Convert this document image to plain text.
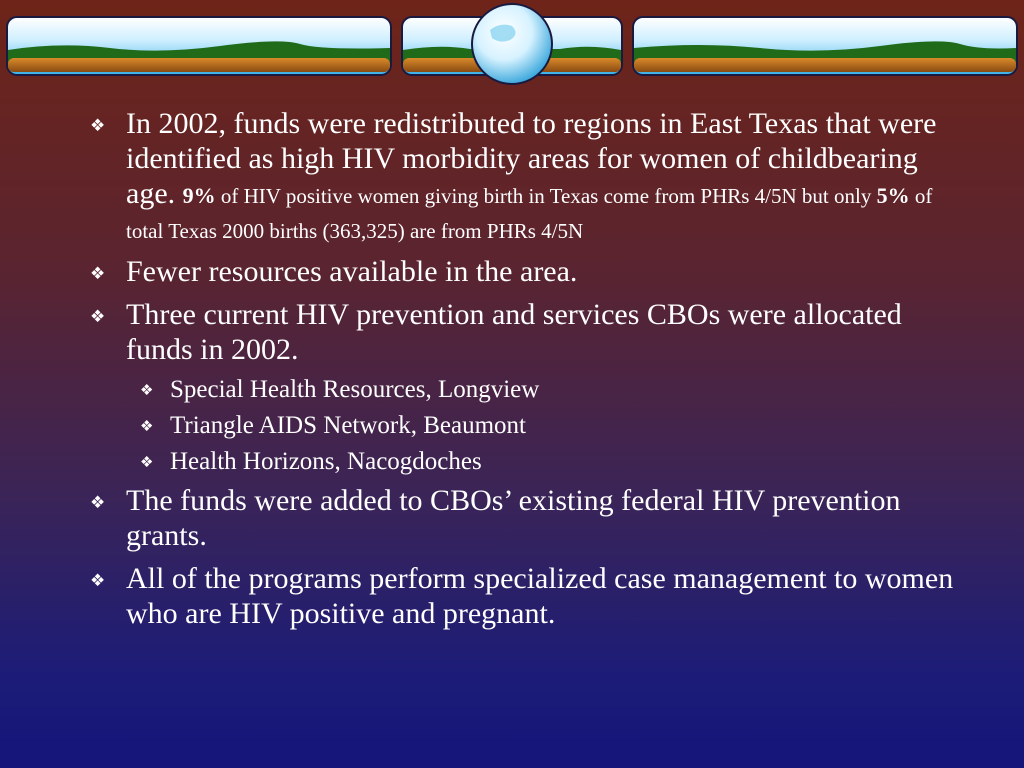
❖ In 2002, funds were redistributed to regions in East Texas that were identified as high HIV morbidity areas for women of childbearing age. 9% of HIV positive women giving birth in Texas come from PHRs 4/5N but only 5% of total Texas 2000 births (363,325) are from PHRs 4/5N
❖ Fewer resources available in the area.
❖ Three current HIV prevention and services CBOs were allocated funds in 2002.
❖ Special Health Resources, Longview
❖ Triangle AIDS Network, Beaumont
❖ Health Horizons, Nacogdoches
❖ The funds were added to CBOs’ existing federal HIV prevention grants.
❖ All of the programs perform specialized case management to women who are HIV positive and pregnant.
